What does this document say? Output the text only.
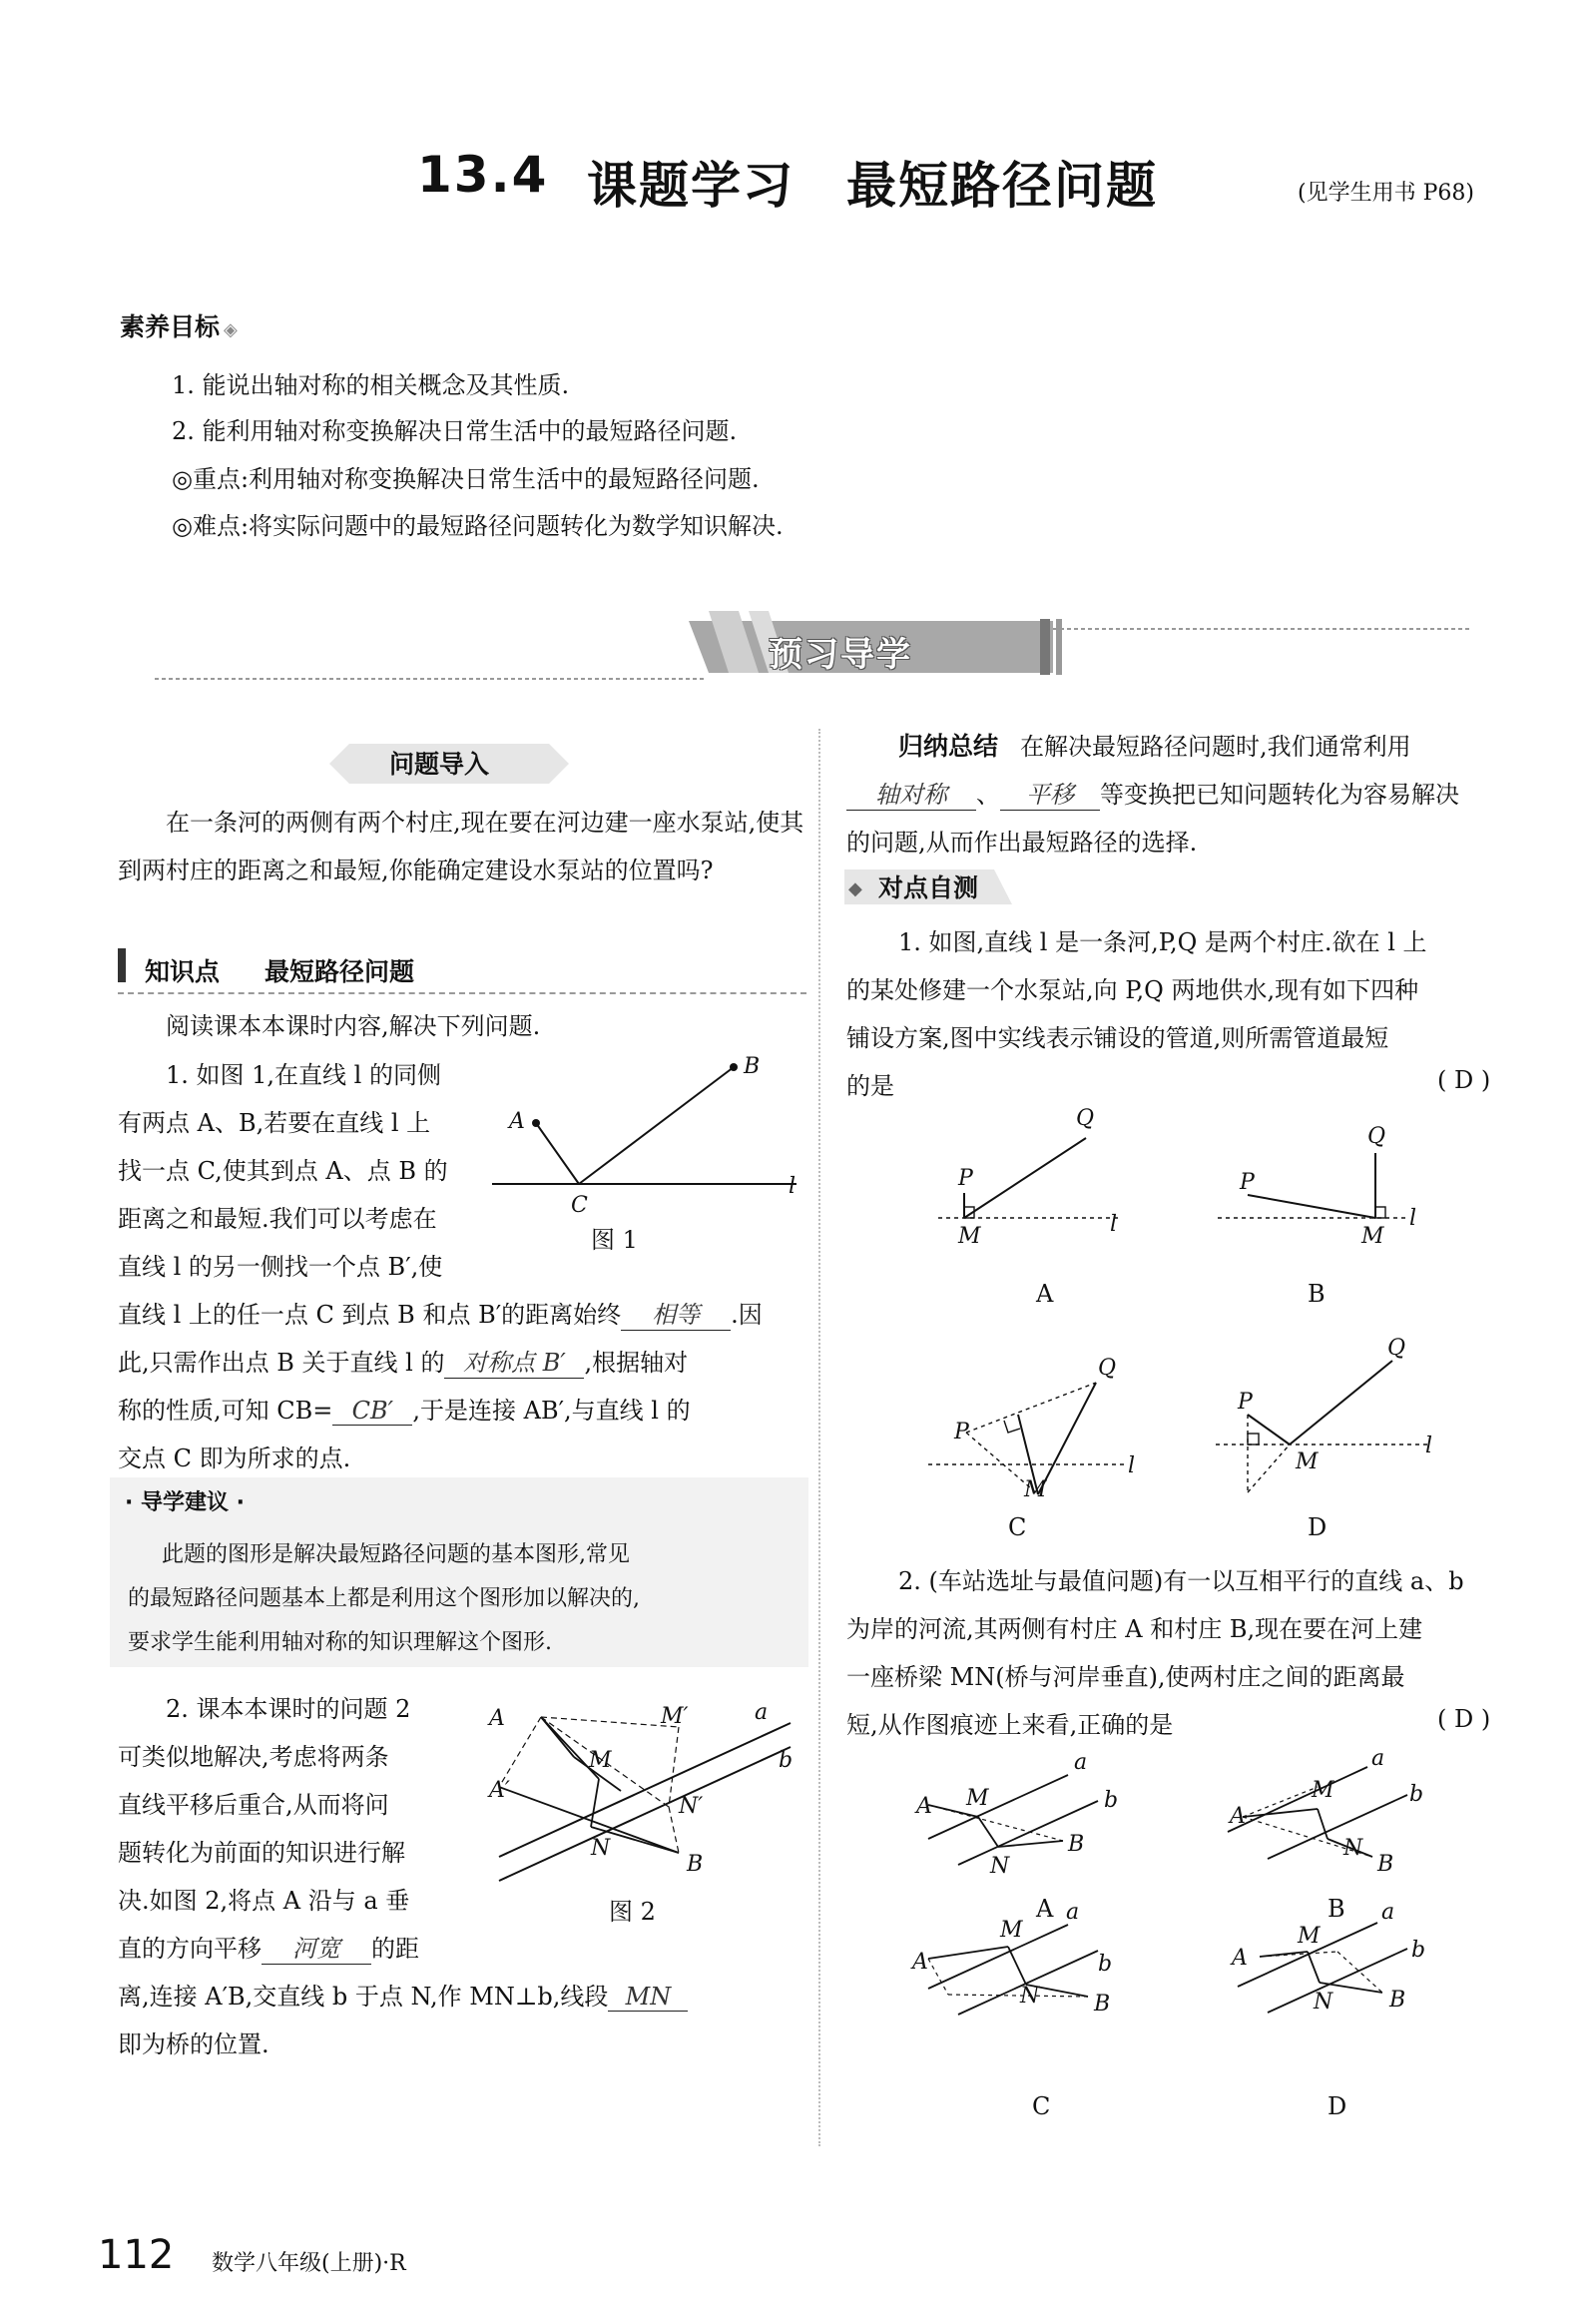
13.4 课题学习　最短路径问题	(见学生用书 P68)
素养目标 ◈
1. 能说出轴对称的相关概念及其性质.
2. 能利用轴对称变换解决日常生活中的最短路径问题.
◎重点:利用轴对称变换解决日常生活中的最短路径问题.
◎难点:将实际问题中的最短路径问题转化为数学知识解决.
预习导学
问题导入
在一条河的两侧有两个村庄,现在要在河边建一座水泵站,使其到两村庄的距离之和最短,你能确定建设水泵站的位置吗?
知识点 最短路径问题
阅读课本本课时内容,解决下列问题.
1. 如图 1,在直线 l 的同侧
有两点 A、B,若要在直线 l 上
找一点 C,使其到点 A、点 B 的
距离之和最短.我们可以考虑在
直线 l 的另一侧找一个点 B′,使
直线 l 上的任一点 C 到点 B 和点 B′的距离始终 相等 .因
此,只需作出点 B 关于直线 l 的 对称点 B′ ,根据轴对
称的性质,可知 CB= CB′ ,于是连接 AB′,与直线 l 的
交点 C 即为所求的点.
A
B
C
l
图 1
· 导学建议 ·
此题的图形是解决最短路径问题的基本图形,常见
的最短路径问题基本上都是利用这个图形加以解决的,
要求学生能利用轴对称的知识理解这个图形.
2. 课本本课时的问题 2
可类似地解决,考虑将两条
直线平移后重合,从而将问
题转化为前面的知识进行解
决.如图 2,将点 A 沿与 a 垂
直的方向平移 河宽 的距
离,连接 A′B,交直线 b 于点 N,作 MN⊥b,线段 MN
即为桥的位置.
A
A′
M
M′
N
N′
B
a
b
图 2
归纳总结 在解决最短路径问题时,我们通常利用
轴对称 、 平移 等变换把已知问题转化为容易解决
的问题,从而作出最短路径的选择.
◆ 对点自测
1. 如图,直线 l 是一条河,P,Q 是两个村庄.欲在 l 上
的某处修建一个水泵站,向 P,Q 两地供水,现有如下四种
铺设方案,图中实线表示铺设的管道,则所需管道最短
的是	( D )
P
Q
M	l
P
Q
M
l
P
Q
M
l
P
Q
M
l
A	B
C	D
2. (车站选址与最值问题)有一以互相平行的直线 a、b
为岸的河流,其两侧有村庄 A 和村庄 B,现在要在河上建
一座桥梁 MN(桥与河岸垂直),使两村庄之间的距离最
短,从作图痕迹上来看,正确的是	( D )
A M
N
B
a
b
A
M
N
B
a
b
A
M
N B
a
b	A
M
N	B
a
b
A	B
C	D
112 数学八年级(上册)·R
